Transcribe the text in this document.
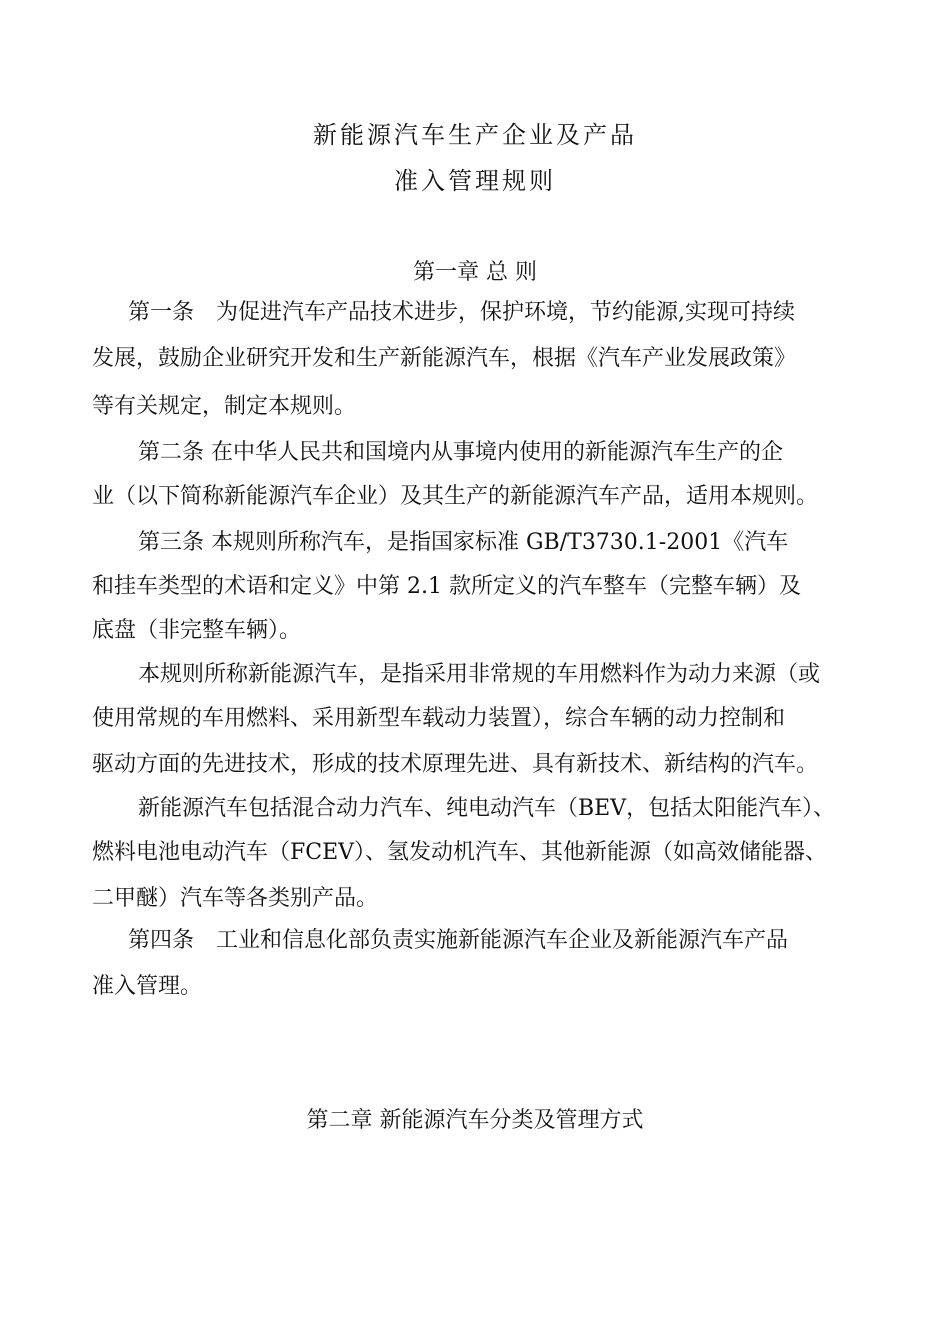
新能源汽车生产企业及产品
准入管理规则
第一章 总 则
第一条　为促进汽车产品技术进步，保护环境，节约能源,实现可持续
发展，鼓励企业研究开发和生产新能源汽车，根据《汽车产业发展政策》
等有关规定，制定本规则。
第二条 在中华人民共和国境内从事境内使用的新能源汽车生产的企
业（以下简称新能源汽车企业）及其生产的新能源汽车产品，适用本规则。
第三条 本规则所称汽车，是指国家标准 GB/T3730.1-2001《汽车
和挂车类型的术语和定义》中第 2.1 款所定义的汽车整车（完整车辆）及
底盘（非完整车辆）。
本规则所称新能源汽车，是指采用非常规的车用燃料作为动力来源（或
使用常规的车用燃料、采用新型车载动力装置），综合车辆的动力控制和
驱动方面的先进技术，形成的技术原理先进、具有新技术、新结构的汽车。
新能源汽车包括混合动力汽车、纯电动汽车（BEV，包括太阳能汽车）、
燃料电池电动汽车（FCEV）、氢发动机汽车、其他新能源（如高效储能器、
二甲醚）汽车等各类别产品。
第四条　工业和信息化部负责实施新能源汽车企业及新能源汽车产品
准入管理。
第二章 新能源汽车分类及管理方式
